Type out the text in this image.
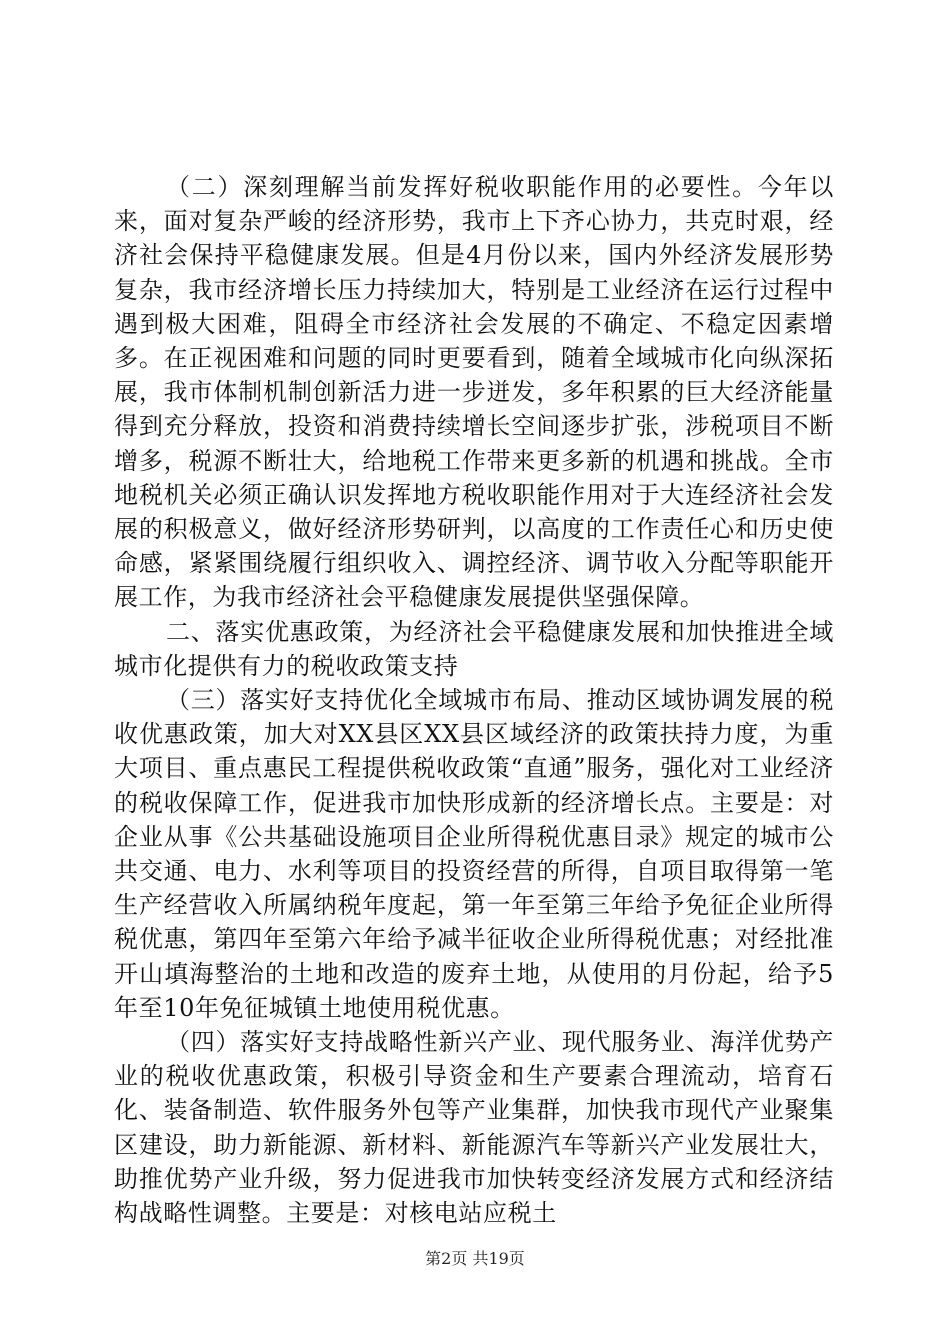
（二）深刻理解当前发挥好税收职能作用的必要性。今年以来，面对复杂严峻的经济形势，我市上下齐心协力，共克时艰，经济社会保持平稳健康发展。但是4月份以来，国内外经济发展形势复杂，我市经济增长压力持续加大，特别是工业经济在运行过程中遇到极大困难，阻碍全市经济社会发展的不确定、不稳定因素增多。在正视困难和问题的同时更要看到，随着全域城市化向纵深拓展，我市体制机制创新活力进一步迸发，多年积累的巨大经济能量得到充分释放，投资和消费持续增长空间逐步扩张，涉税项目不断增多，税源不断壮大，给地税工作带来更多新的机遇和挑战。全市地税机关必须正确认识发挥地方税收职能作用对于大连经济社会发展的积极意义，做好经济形势研判，以高度的工作责任心和历史使命感，紧紧围绕履行组织收入、调控经济、调节收入分配等职能开展工作，为我市经济社会平稳健康发展提供坚强保障。

二、落实优惠政策，为经济社会平稳健康发展和加快推进全域城市化提供有力的税收政策支持

（三）落实好支持优化全域城市布局、推动区域协调发展的税收优惠政策，加大对XX县区XX县区域经济的政策扶持力度，为重大项目、重点惠民工程提供税收政策“直通”服务，强化对工业经济的税收保障工作，促进我市加快形成新的经济增长点。主要是：对企业从事《公共基础设施项目企业所得税优惠目录》规定的城市公共交通、电力、水利等项目的投资经营的所得，自项目取得第一笔生产经营收入所属纳税年度起，第一年至第三年给予免征企业所得税优惠，第四年至第六年给予减半征收企业所得税优惠；对经批准开山填海整治的土地和改造的废弃土地，从使用的月份起，给予5年至10年免征城镇土地使用税优惠。

（四）落实好支持战略性新兴产业、现代服务业、海洋优势产业的税收优惠政策，积极引导资金和生产要素合理流动，培育石化、装备制造、软件服务外包等产业集群，加快我市现代产业聚集区建设，助力新能源、新材料、新能源汽车等新兴产业发展壮大，助推优势产业升级，努力促进我市加快转变经济发展方式和经济结构战略性调整。主要是：对核电站应税土

第2页 共19页
